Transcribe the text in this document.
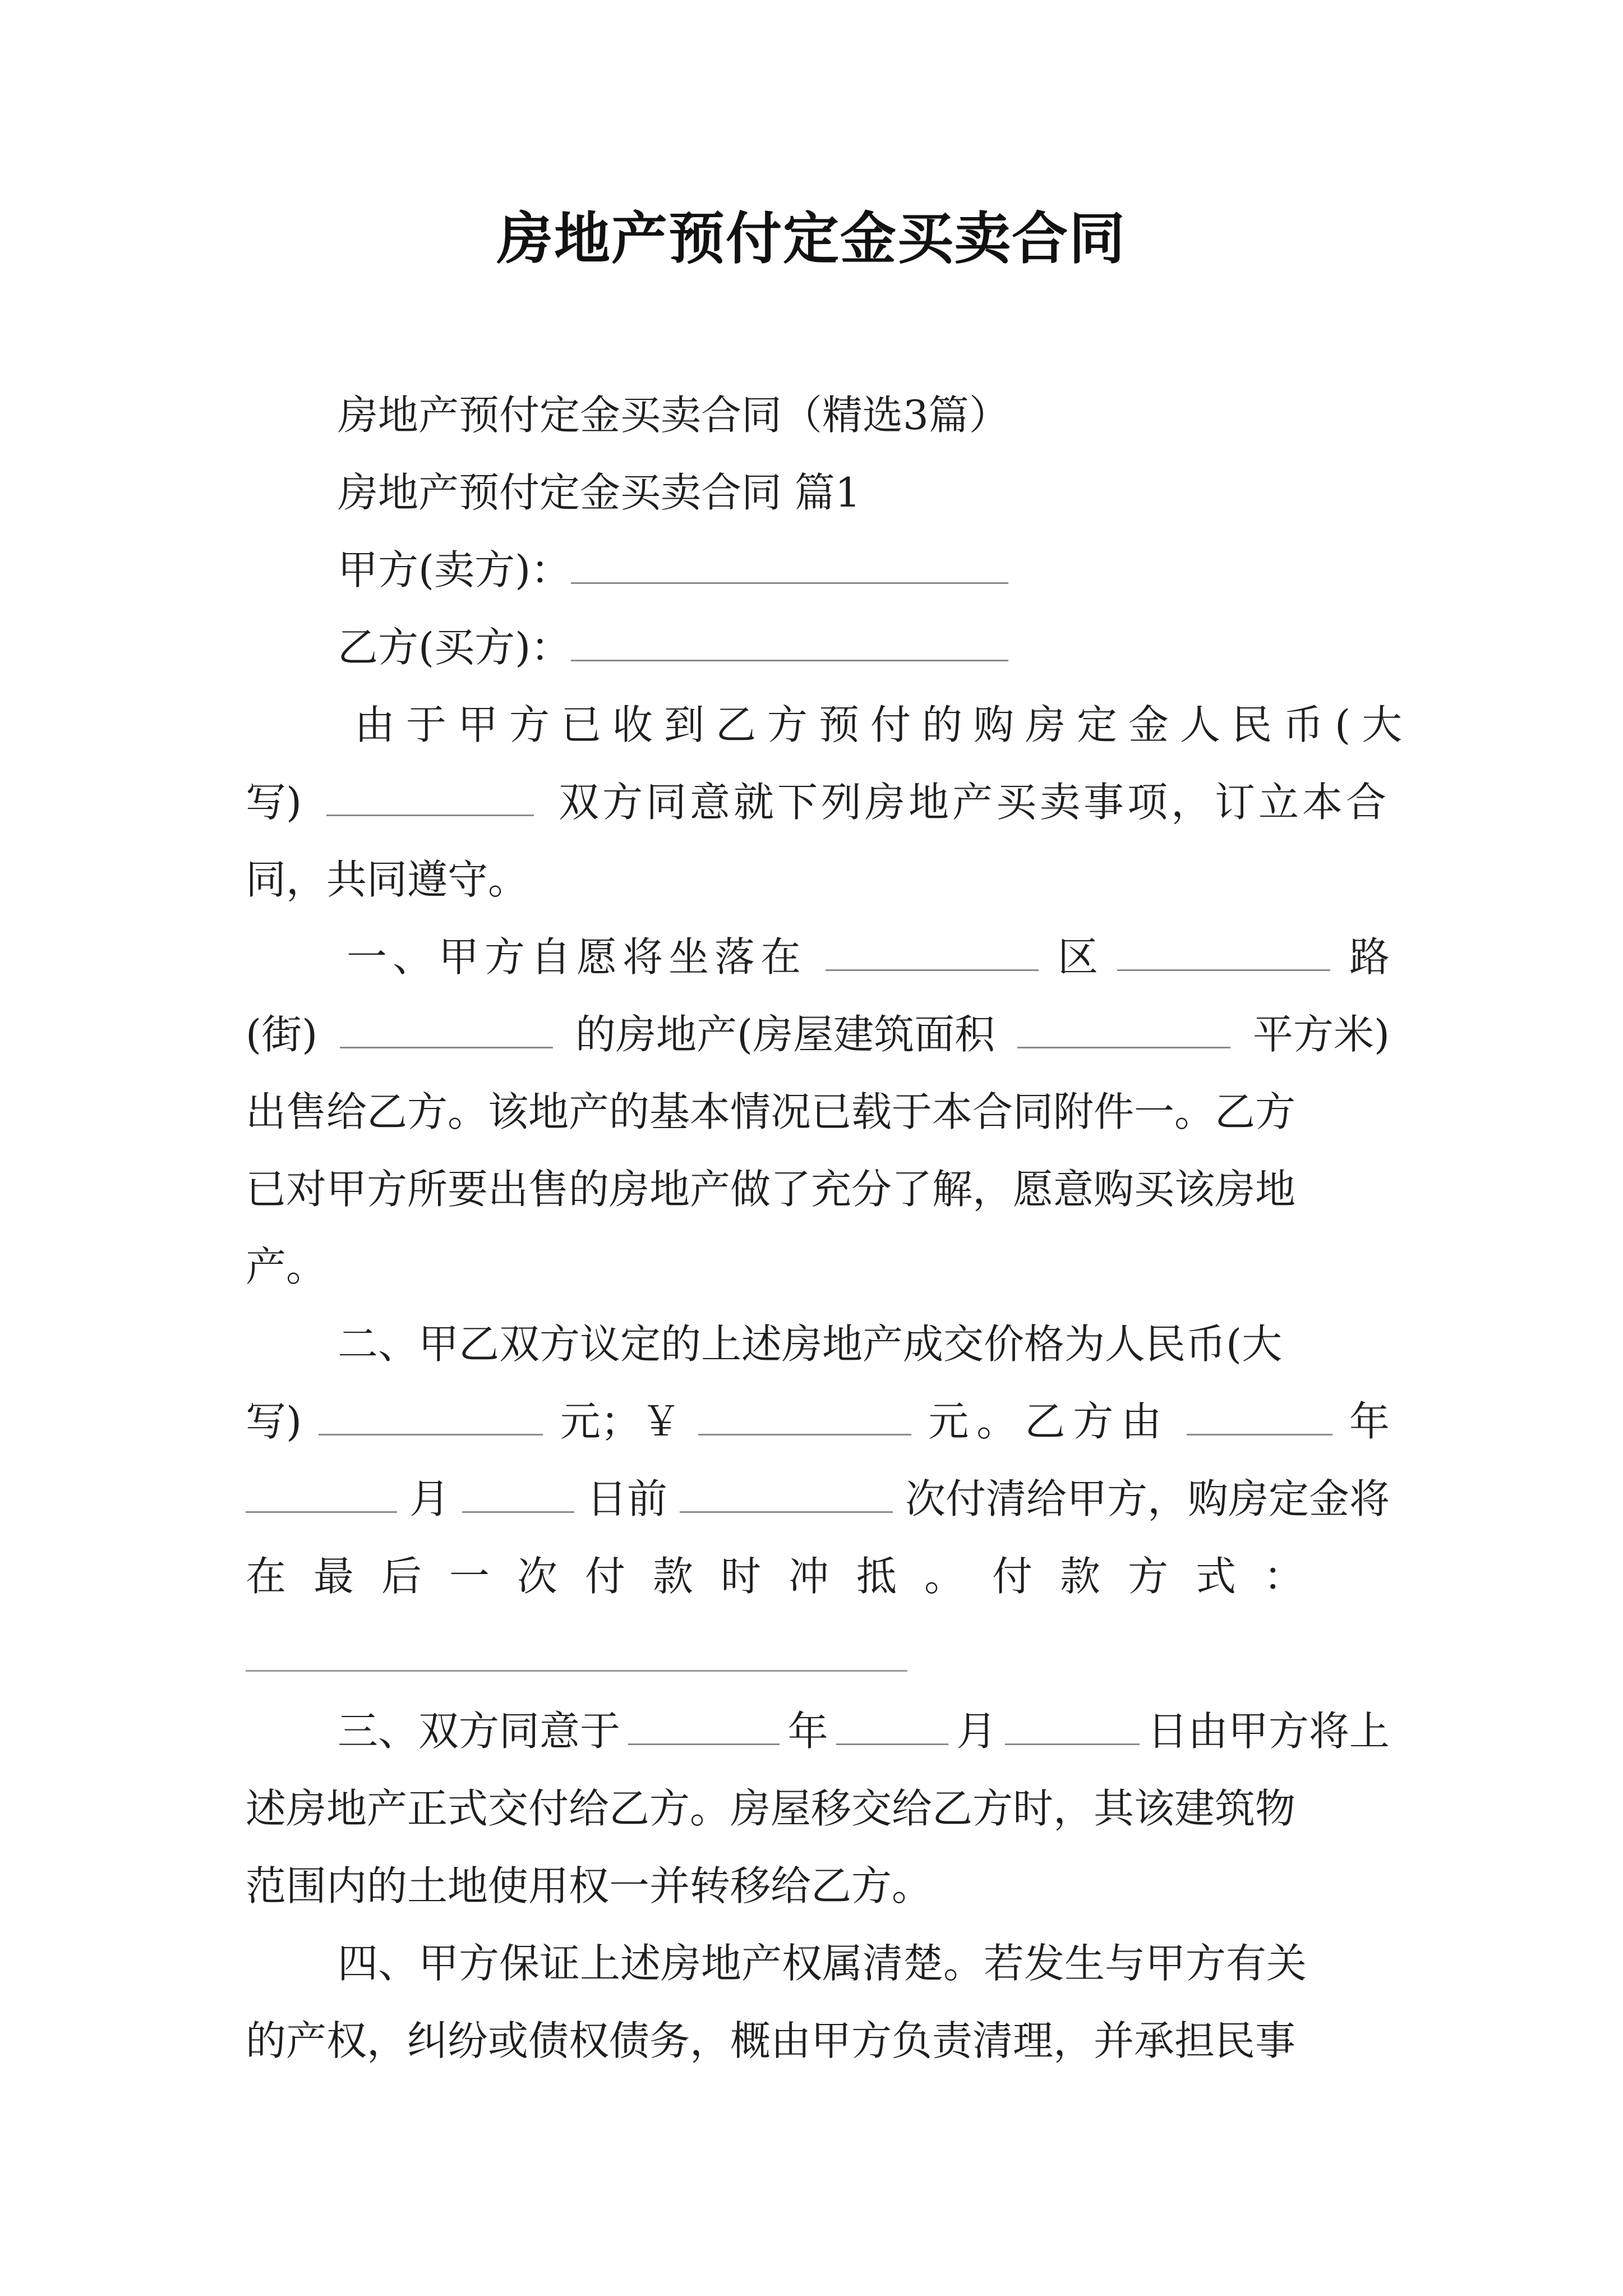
房地产预付定金买卖合同
房地产预付定金买卖合同（精选3篇）
房地产预付定金买卖合同 篇1
甲方(卖方)：
乙方(买方)：
由于甲方已收到乙方预付的购房定金人民币(大
写)	双方同意就下列房地产买卖事项，订立本合
同，共同遵守。
一、甲方自愿将坐落在	区	路
(街)	的房地产(房屋建筑面积	平方米)
出售给乙方。该地产的基本情况已载于本合同附件一。乙方
已对甲方所要出售的房地产做了充分了解，愿意购买该房地
产。
二、甲乙双方议定的上述房地产成交价格为人民币(大
写)	元；￥	元。乙方由	年
月	日前	次付清给甲方，购房定金将
在最后一次付款时冲抵。付款方式：
三、双方同意于	年	月	日由甲方将上
述房地产正式交付给乙方。房屋移交给乙方时，其该建筑物
范围内的土地使用权一并转移给乙方。
四、甲方保证上述房地产权属清楚。若发生与甲方有关
的产权，纠纷或债权债务，概由甲方负责清理，并承担民事
